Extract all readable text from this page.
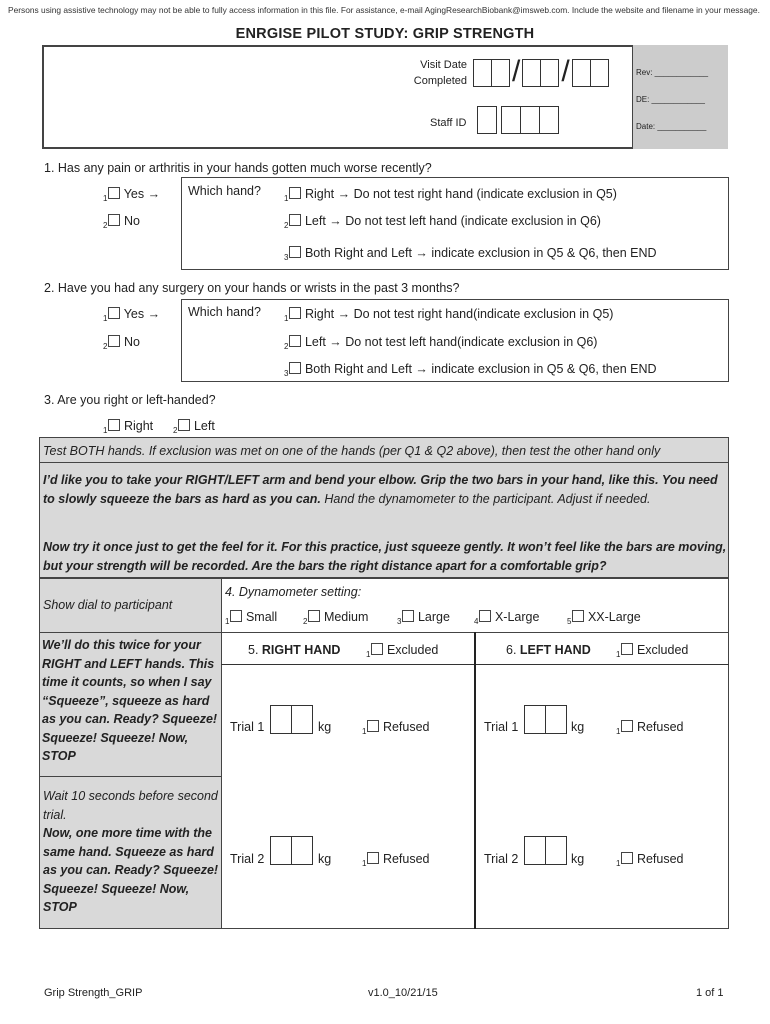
Persons using assistive technology may not be able to fully access information in this file. For assistance, e-mail AgingResearchBiobank@imsweb.com. Include the website and filename in your message.
ENRGISE PILOT STUDY: GRIP STRENGTH
Visit Date
Completed	/ /
Staff ID
Rev: ____________
DE: ____________
Date: ___________
1. Has any pain or arthritis in your hands gotten much worse recently?
$_1$ Yes →
$_2$ No
Which hand?
$_1$ Right → Do not test right hand (indicate exclusion in Q5)
$_2$ Left → Do not test left hand (indicate exclusion in Q6)
$_3$ Both Right and Left → indicate exclusion in Q5 & Q6, then END
2. Have you had any surgery on your hands or wrists in the past 3 months?
$_1$ Yes →
$_2$ No
Which hand?	$_1$ Right → Do not test right hand(indicate exclusion in Q5)
$_2$ Left → Do not test left hand(indicate exclusion in Q6)
$_3$ Both Right and Left → indicate exclusion in Q5 & Q6, then END
3. Are you right or left-handed?
$_1$ Right $_2$ Left
Test BOTH hands. If exclusion was met on one of the hands (per Q1 & Q2 above), then test the other hand only
I’d like you to take your RIGHT/LEFT arm and bend your elbow. Grip the two bars in your hand, like this. You need to slowly squeeze the bars as hard as you can. Hand the dynamometer to the participant. Adjust if needed.
Now try it once just to get the feel for it. For this practice, just squeeze gently. It won’t feel like the bars are moving, but your strength will be recorded. Are the bars the right distance apart for a comfortable grip?
Show dial to participant
4. Dynamometer setting:
$_1$ Small	$_2$ Medium	$_3$ Large	$_4$ X-Large	$_5$ XX-Large
We’ll do this twice for your RIGHT and LEFT hands. This time it counts, so when I say “Squeeze”, squeeze as hard as you can. Ready? Squeeze! Squeeze! Squeeze! Now, STOP
Wait 10 seconds before second trial.
Now, one more time with the same hand. Squeeze as hard as you can. Ready? Squeeze! Squeeze! Squeeze! Now, STOP
5. RIGHT HAND	$_1$ Excluded	6. LEFT HAND	$_1$ Excluded
Trial 1	kg	$_1$ Refused	Trial 1	kg	$_1$ Refused
Trial 2	kg	$_1$ Refused	Trial 2	kg	$_1$ Refused
Grip Strength_GRIP	v1.0_10/21/15	1 of 1
